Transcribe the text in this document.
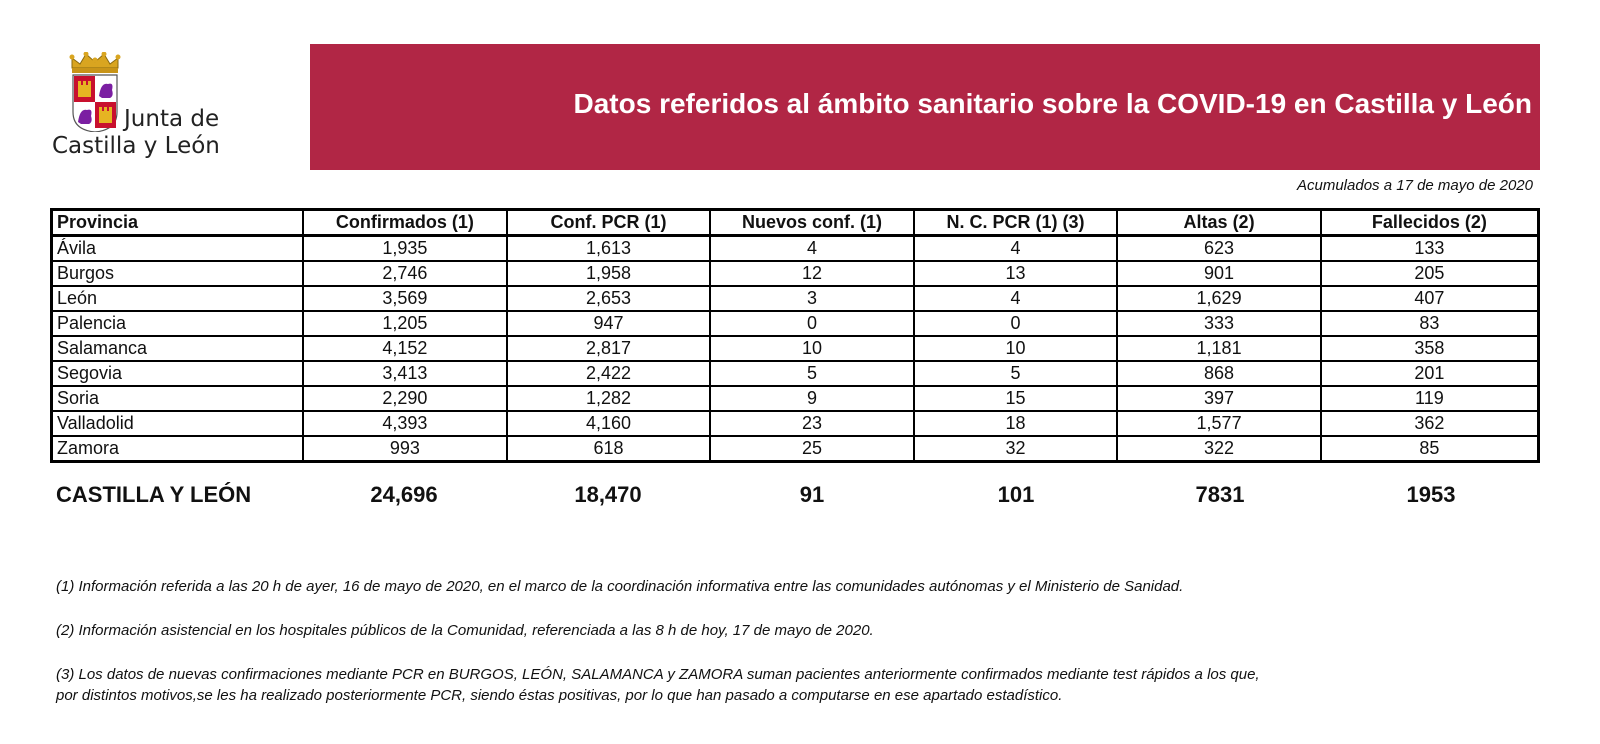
Junta de
Castilla y León
Datos referidos al ámbito sanitario sobre la COVID-19 en Castilla y León
Acumulados a 17 de mayo de 2020
Provincia	Confirmados (1)	Conf. PCR (1)	Nuevos conf. (1)	N. C. PCR (1) (3)	Altas (2)	Fallecidos (2)
Ávila	1,935	1,613	4	4	623	133
Burgos	2,746	1,958	12	13	901	205
León	3,569	2,653	3	4	1,629	407
Palencia	1,205	947	0	0	333	83
Salamanca	4,152	2,817	10	10	1,181	358
Segovia	3,413	2,422	5	5	868	201
Soria	2,290	1,282	9	15	397	119
Valladolid	4,393	4,160	23	18	1,577	362
Zamora	993	618	25	32	322	85
CASTILLA Y LEÓN	24,696	18,470	91	101	7831	1953

(1) Información referida a las 20 h de ayer, 16 de mayo de 2020, en el marco de la coordinación informativa entre las comunidades autónomas y el Ministerio de Sanidad.

(2) Información asistencial en los hospitales públicos de la Comunidad, referenciada a las 8 h de hoy, 17 de mayo de 2020.

(3) Los datos de nuevas confirmaciones mediante PCR en BURGOS, LEÓN, SALAMANCA y ZAMORA suman pacientes anteriormente confirmados mediante test rápidos a los que,

por distintos motivos,se les ha realizado posteriormente PCR, siendo éstas positivas, por lo que han pasado a computarse en ese apartado estadístico.
